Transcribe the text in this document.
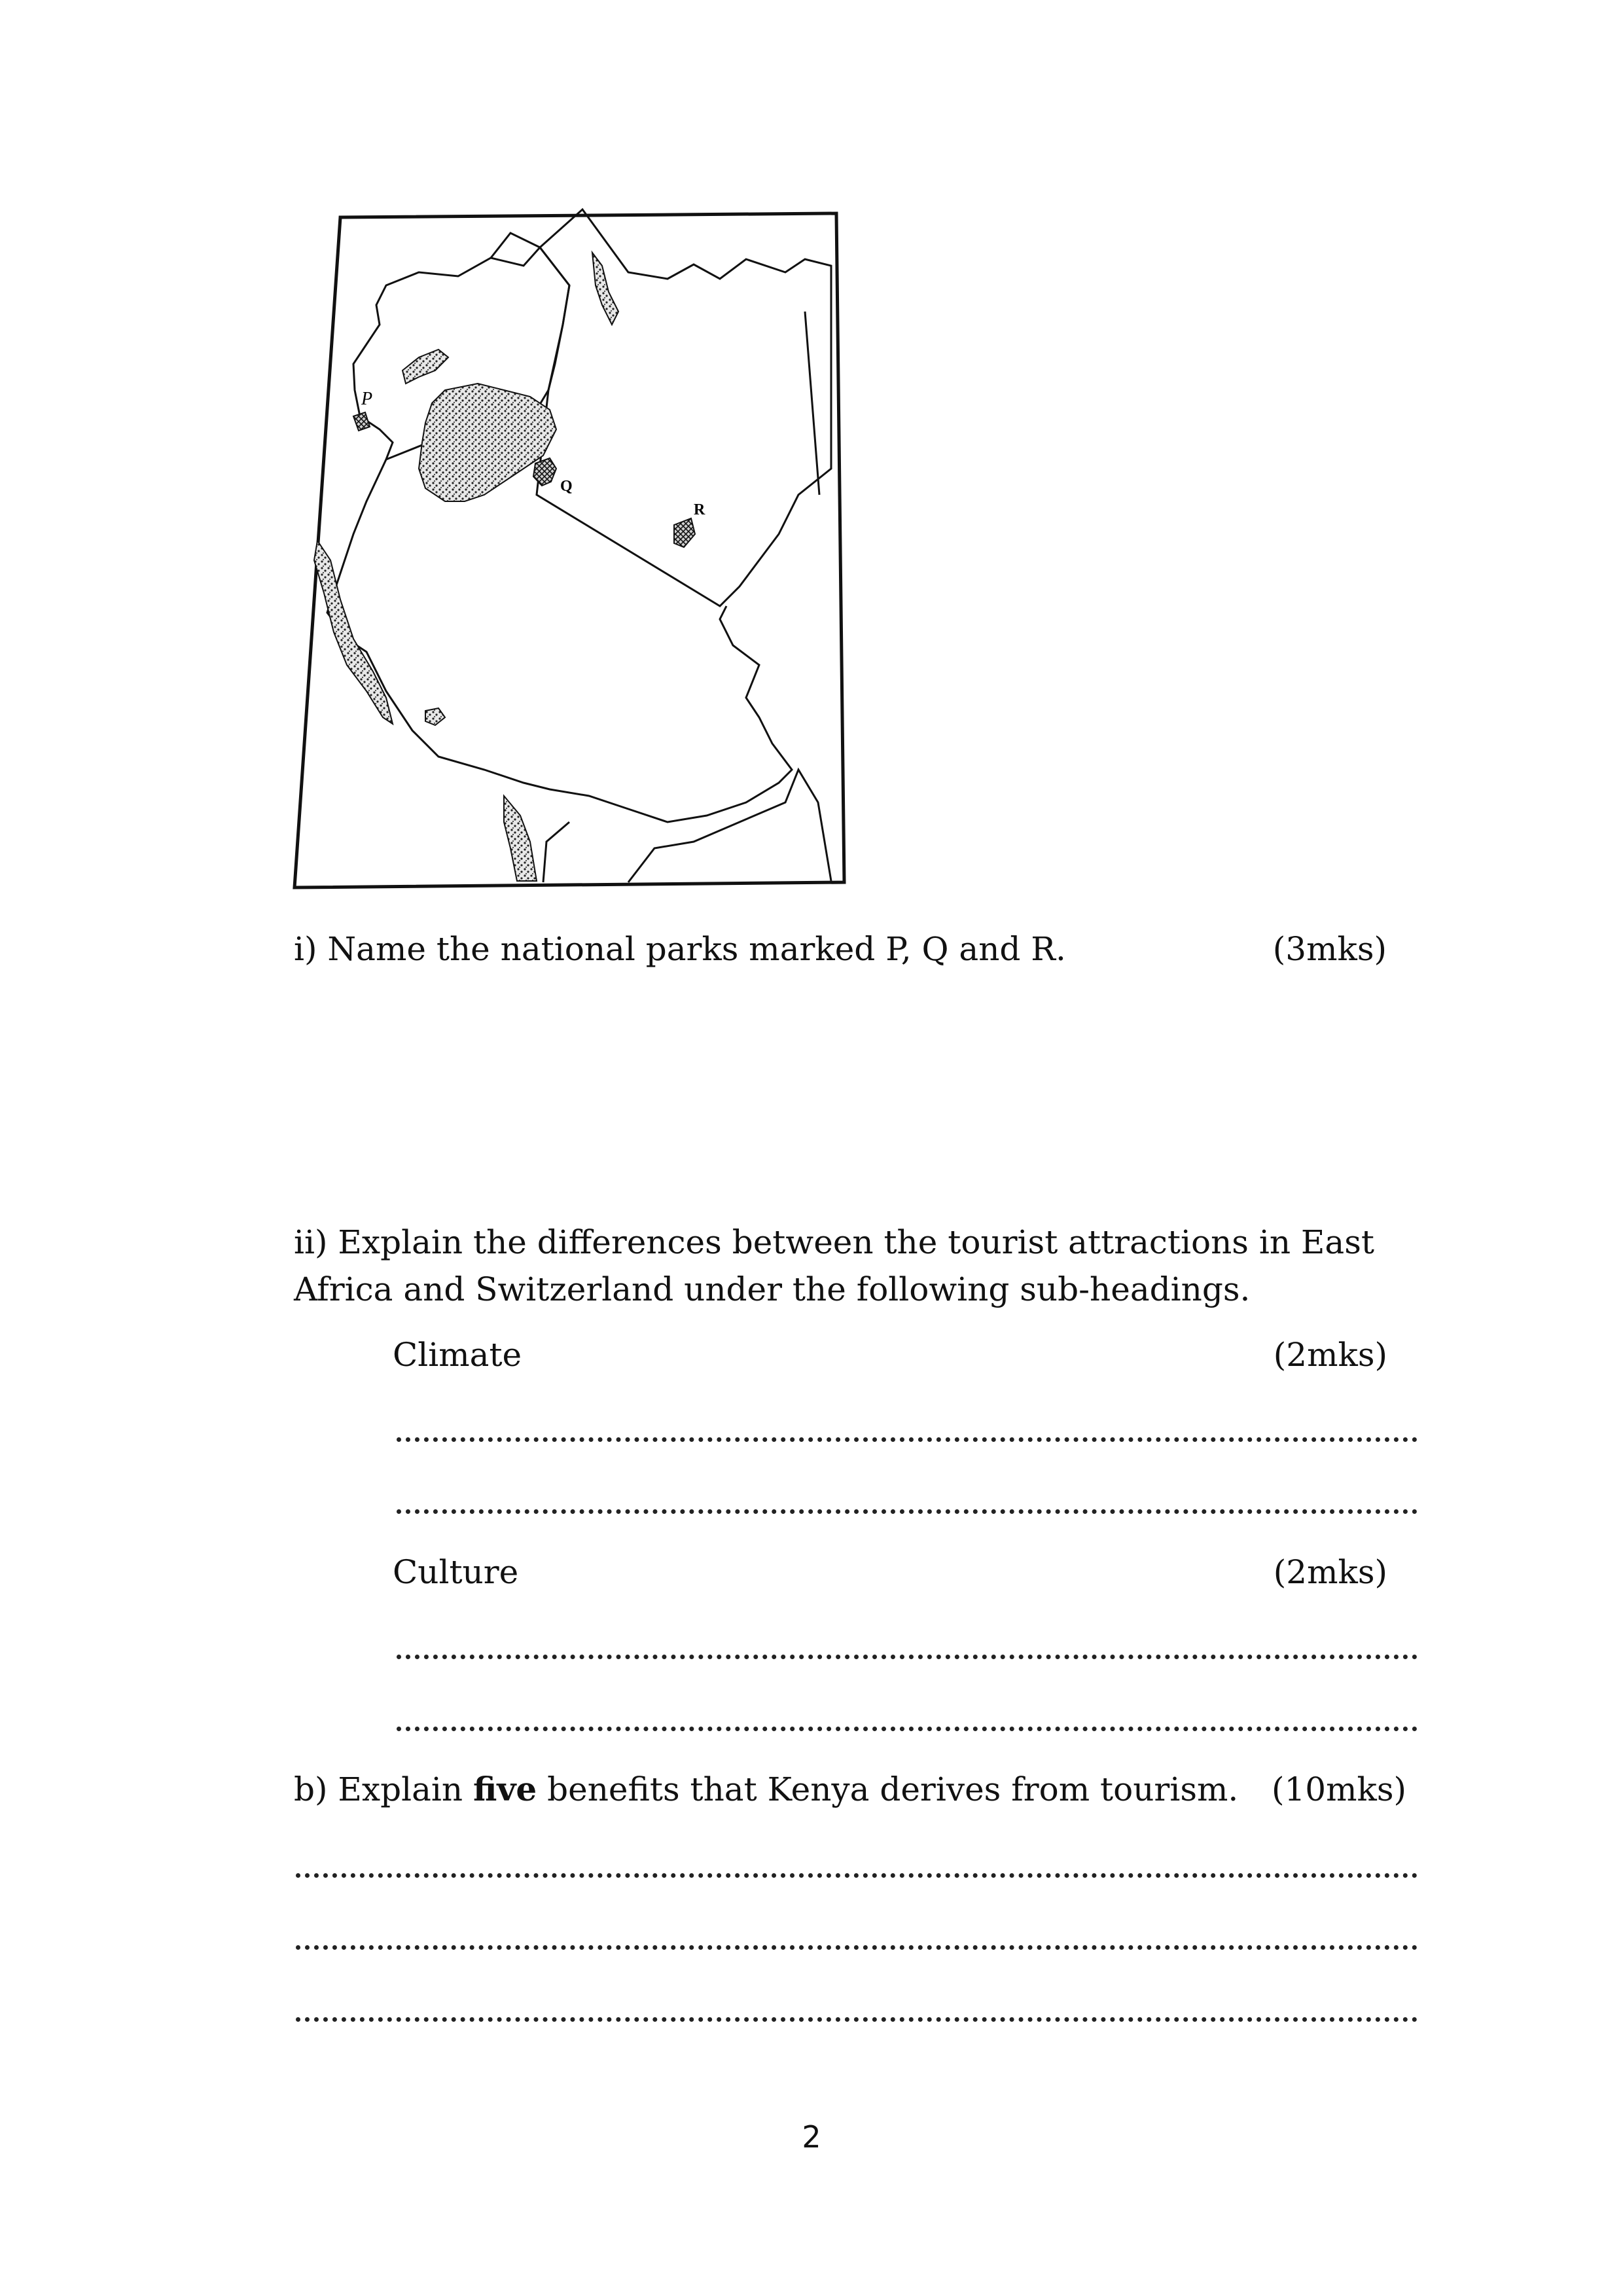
P
Q
R
i) Name the national parks marked P, Q and R.	(3mks)
ii) Explain the differences between the tourist attractions in East Africa and Switzerland under the following sub-headings.
Climate	(2mks)
Culture	(2mks)
b) Explain five benefits that Kenya derives from tourism. (10mks)
2
